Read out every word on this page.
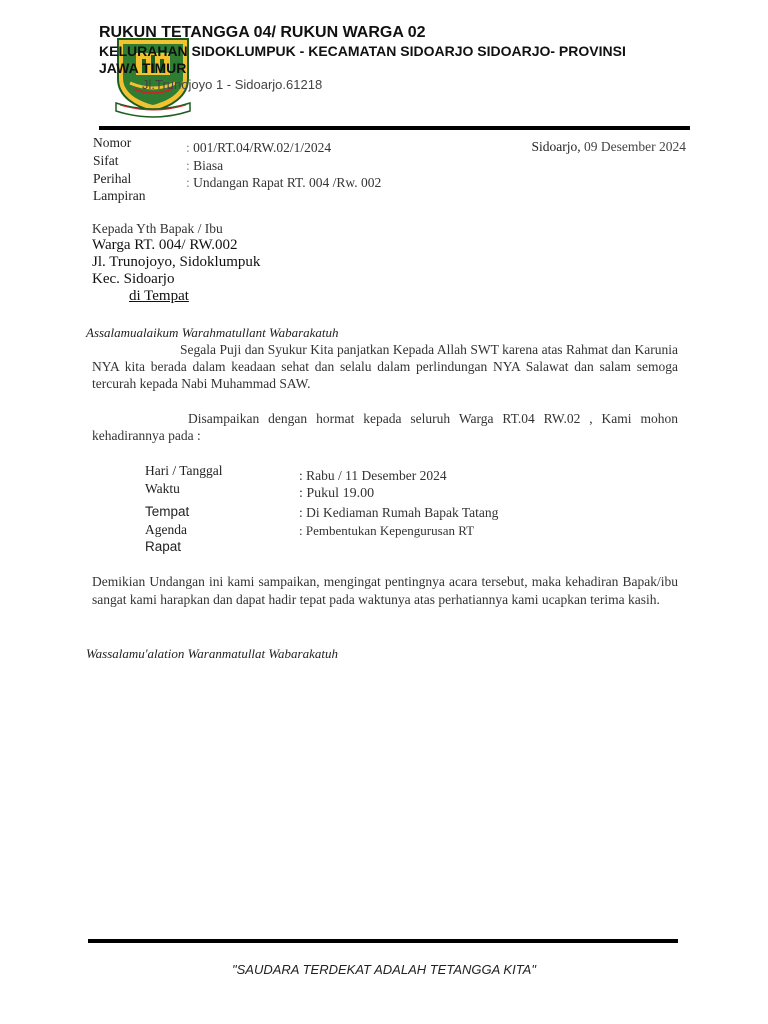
RUKUN TETANGGA 04/ RUKUN WARGA 02
KELURAHAN SIDOKLUMPUK - KECAMATAN SIDOARJO SIDOARJO- PROVINSI JAWA TIMUR
Jl.Trunojoyo 1 - Sidoarjo.61218
Nomor	: 001/RT.04/RW.02/1/2024
Sifat	: Biasa
Perihal	: Undangan Rapat RT. 004 /Rw. 002
Lampiran
Sidoarjo, 09 Desember 2024
Kepada Yth Bapak / Ibu
Warga RT. 004/ RW.002
Jl. Trunojoyo, Sidoklumpuk
Kec. Sidoarjo
di Tempat
Assalamualaikum Warahmatullant Wabarakatuh
Segala Puji dan Syukur Kita panjatkan Kepada Allah SWT karena atas Rahmat dan Karunia NYA kita berada dalam keadaan sehat dan selalu dalam perlindungan NYA Salawat dan salam semoga tercurah kepada Nabi Muhammad SAW.
Disampaikan dengan hormat kepada seluruh Warga RT.04 RW.02 , Kami mohon kehadirannya pada :
Hari / Tanggal	: Rabu / 11 Desember 2024
Waktu	: Pukul 19.00
Tempat	: Di Kediaman Rumah Bapak Tatang
Agenda	: Pembentukan Kepengurusan RT
Rapat
Demikian Undangan ini kami sampaikan, mengingat pentingnya acara tersebut, maka kehadiran Bapak/ibu sangat kami harapkan dan dapat hadir tepat pada waktunya atas perhatiannya kami ucapkan terima kasih.
Wassalamu'alation Waranmatullat Wabarakatuh
"SAUDARA TERDEKAT ADALAH TETANGGA KITA"
